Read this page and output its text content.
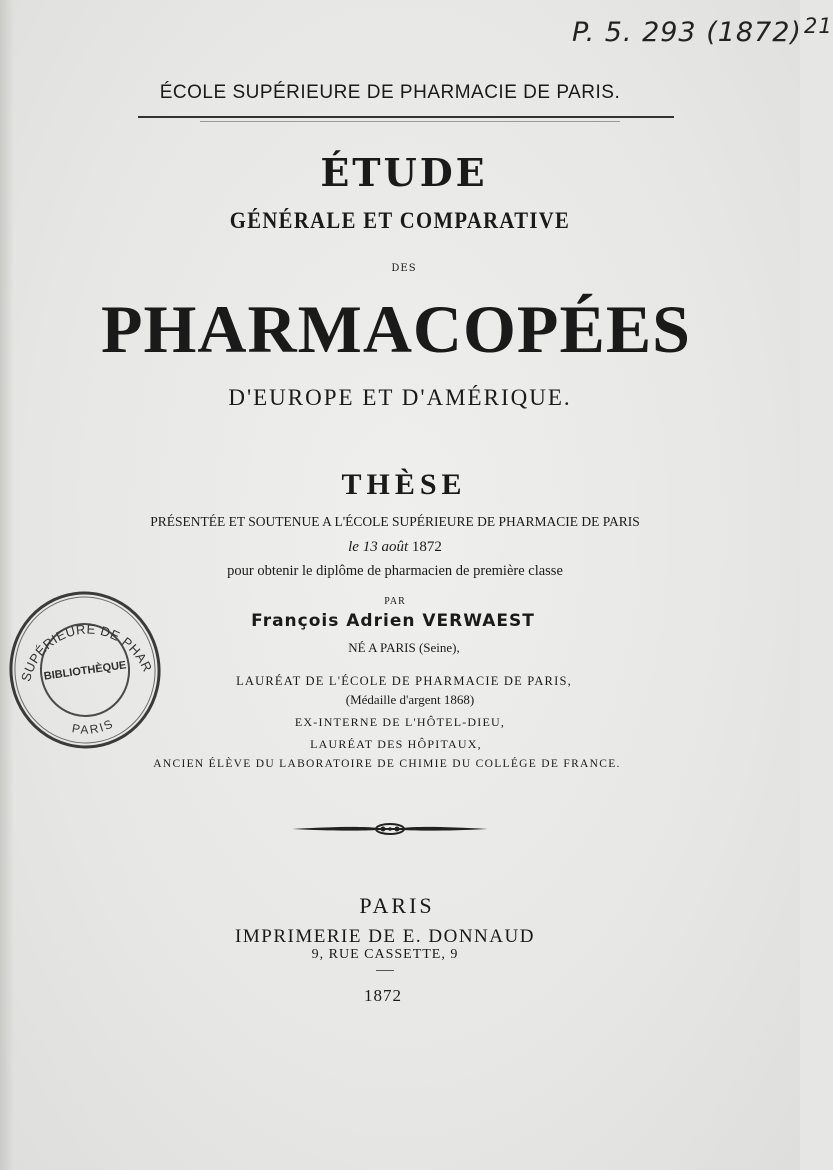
P. 5. 293 $(1872)^{21}$
ÉCOLE SUPÉRIEURE DE PHARMACIE DE PARIS.
ÉTUDE
GÉNÉRALE ET COMPARATIVE
DES
PHARMACOPÉES
D'EUROPE ET D'AMÉRIQUE.
THÈSE
PRÉSENTÉE ET SOUTENUE A L'ÉCOLE SUPÉRIEURE DE PHARMACIE DE PARIS
le 13 août 1872
pour obtenir le diplôme de pharmacien de première classe
PAR
François Adrien VERWAEST
NÉ A PARIS (Seine),
LAURÉAT DE L'ÉCOLE DE PHARMACIE DE PARIS,
(Médaille d'argent 1868)
EX-INTERNE DE L'HÔTEL-DIEU,
LAURÉAT DES HÔPITAUX,
ANCIEN ÉLÈVE DU LABORATOIRE DE CHIMIE DU COLLÉGE DE FRANCE.
PARIS
IMPRIMERIE DE E. DONNAUD
9, RUE CASSETTE, 9
1872
SUPÉRIEURE DE PHARMACIE
PARIS
BIBLIOTHÈQUE
